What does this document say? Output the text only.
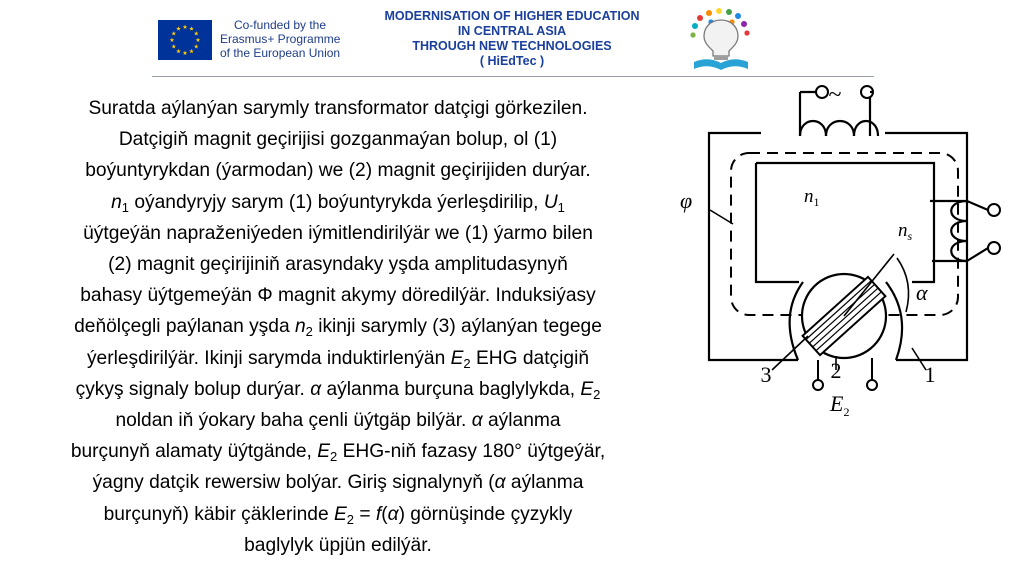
Co-funded by the
Erasmus+ Programme
of the European Union
MODERNISATION OF HIGHER EDUCATION
IN CENTRAL ASIA
THROUGH NEW TECHNOLOGIES
( HiEdTec )
Suratda aýlanýan sarymly transformator datçigi görkezilen.
Datçigiň magnit geçirijisi gozganmaýan bolup, ol (1)
boýuntyrykdan (ýarmodan) we (2) magnit geçirijiden durýar.
$n_1$ oýandyryjy sarym (1) boýuntyrykda ýerleşdirilip, $U_1$
üýtgeýän napraženiýeden iýmitlendirilýär we (1) ýarmo bilen
(2) magnit geçirijiniň arasyndaky yşda amplitudasynyň
bahasy üýtgemeýän Φ magnit akymy döredilýär. Induksiýasy
deňölçegli paýlanan yşda $n_2$ ikinji sarymly (3) aýlanýan tegege
ýerleşdirilýär. Ikinji sarymda induktirlenýän $E_2$ EHG datçigiň
çykyş signaly bolup durýar. α aýlanma burçuna baglylykda, $E_2$
noldan iň ýokary baha çenli üýtgäp bilýär. α aýlanma
burçunyň alamaty üýtgände, $E_2$ EHG-niň fazasy 180° üýtgeýär,
ýagny datçik rewersiw bolýar. Giriş signalynyň (α aýlanma
burçunyň) käbir çäklerinde $E_2 = f(\alpha)$ görnüşinde çyzykly
baglylyk üpjün edilýär.
~
φ	$n_1$
$n_s$
α
3	2	1
$E_2$
